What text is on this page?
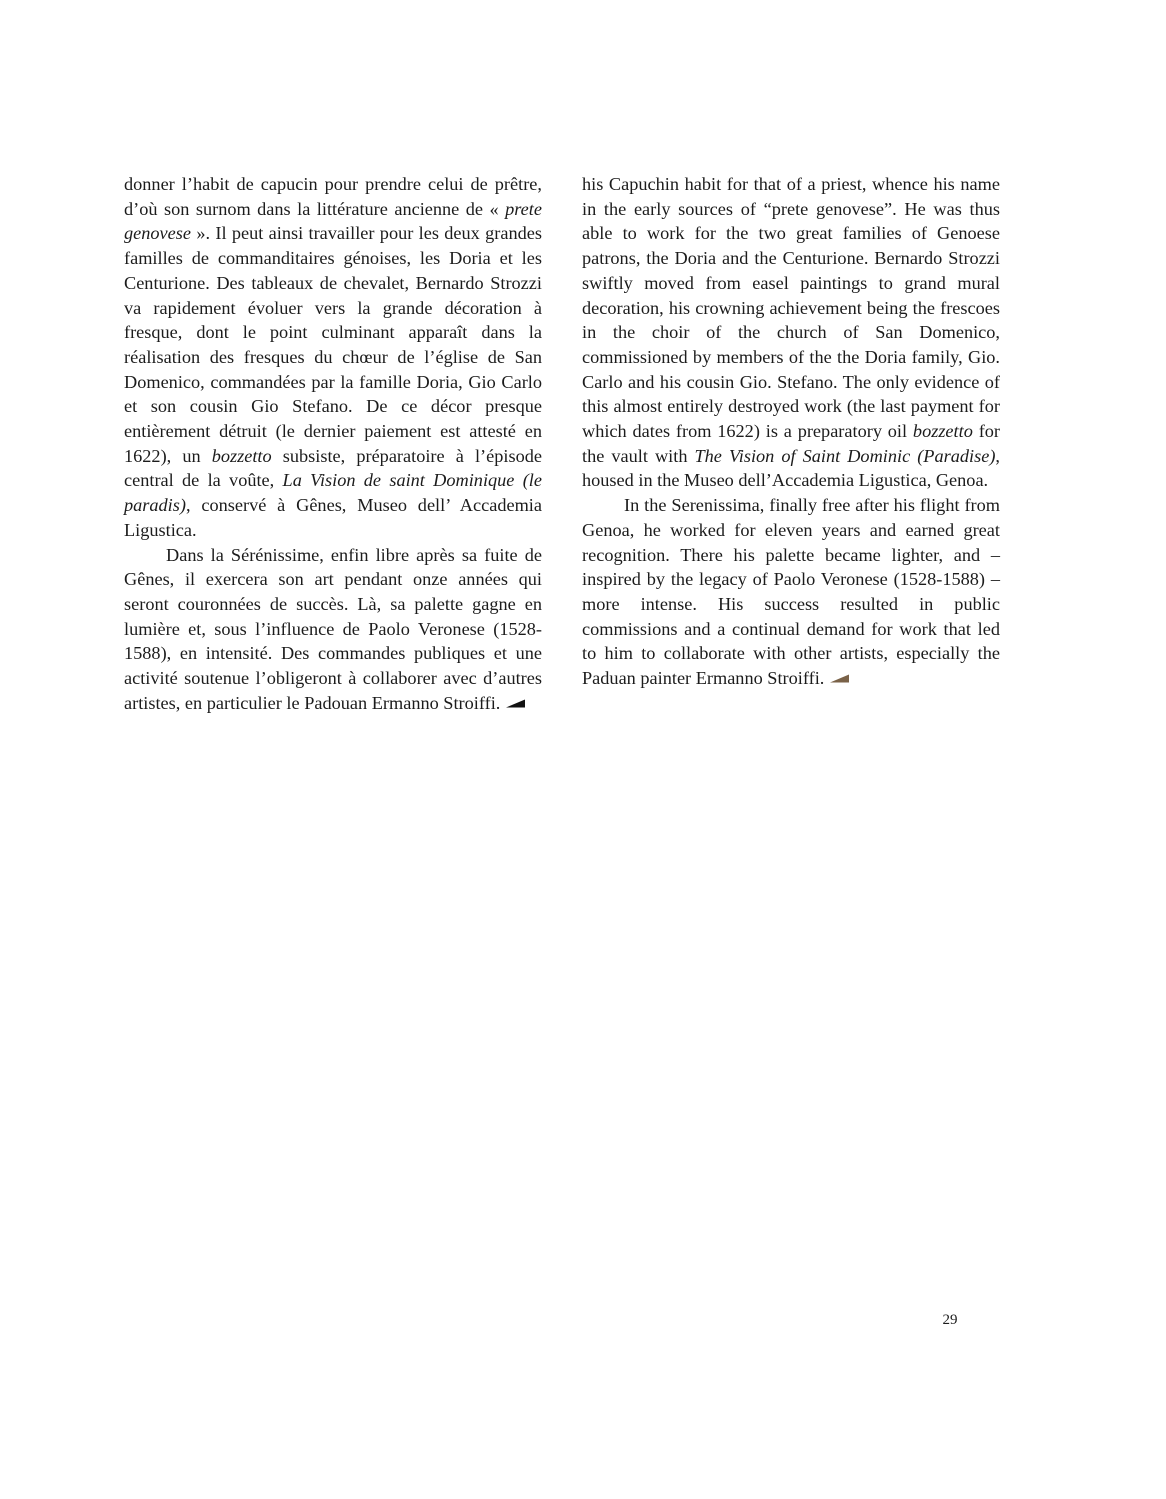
donner l’habit de capucin pour prendre celui de prêtre, d’où son surnom dans la littérature ancienne de « prete genovese ». Il peut ainsi travailler pour les deux grandes familles de commanditaires génoises, les Doria et les Centurione. Des tableaux de chevalet, Bernardo Strozzi va rapidement évoluer vers la grande décoration à fresque, dont le point culminant apparaît dans la réalisation des fresques du chœur de l’église de San Domenico, commandées par la famille Doria, Gio Carlo et son cousin Gio Stefano. De ce décor presque entièrement détruit (le dernier paiement est attesté en 1622), un bozzetto subsiste, préparatoire à l’épisode central de la voûte, La Vision de saint Dominique (le paradis), conservé à Gênes, Museo dell’ Accademia Ligustica.

Dans la Sérénissime, enfin libre après sa fuite de Gênes, il exercera son art pendant onze années qui seront couronnées de succès. Là, sa palette gagne en lumière et, sous l’influence de Paolo Veronese (1528-1588), en intensité. Des commandes publiques et une activité soutenue l’obligeront à collaborer avec d’autres artistes, en particulier le Padouan Ermanno Stroiffi.

his Capuchin habit for that of a priest, whence his name in the early sources of “prete genovese”. He was thus able to work for the two great families of Genoese patrons, the Doria and the Centurione. Bernardo Strozzi swiftly moved from easel paintings to grand mural decoration, his crowning achievement being the frescoes in the choir of the church of San Domenico, commissioned by members of the the Doria family, Gio. Carlo and his cousin Gio. Stefano. The only evidence of this almost entirely destroyed work (the last payment for which dates from 1622) is a preparatory oil bozzetto for the vault with The Vision of Saint Dominic (Paradise), housed in the Museo dell’Accademia Ligustica, Genoa.

In the Serenissima, finally free after his flight from Genoa, he worked for eleven years and earned great recognition. There his palette became lighter, and – inspired by the legacy of Paolo Veronese (1528-1588) – more intense. His success resulted in public commissions and a continual demand for work that led to him to collaborate with other artists, especially the Paduan painter Ermanno Stroiffi.

29
